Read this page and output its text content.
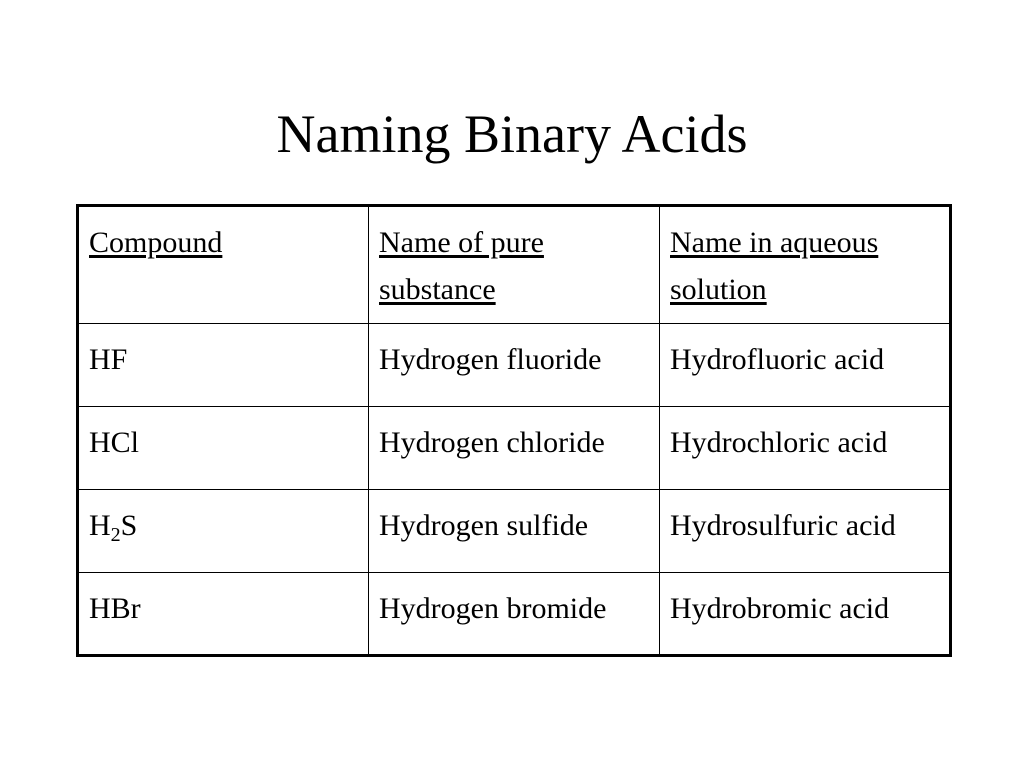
Naming Binary Acids
Compound	Name of pure substance	Name in aqueous solution
HF	Hydrogen fluoride	Hydrofluoric acid
HCl	Hydrogen chloride	Hydrochloric acid
$H_2S$	Hydrogen sulfide	Hydrosulfuric acid
HBr	Hydrogen bromide	Hydrobromic acid
